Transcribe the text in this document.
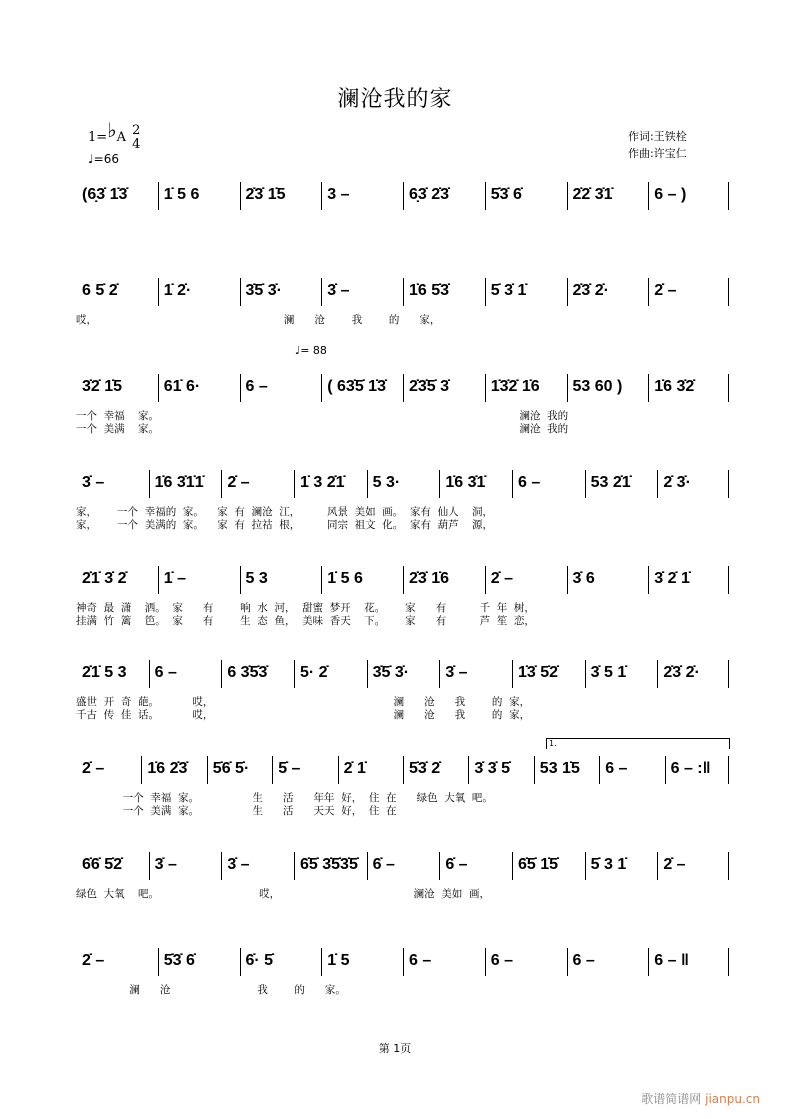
澜沧我的家
1=♭A 2
4
♩=66
作词:王铁栓
作曲:许宝仁
♩= 88
1.
(6̣3̇ 1̇3̇	1̇ 5 6	2̇3̇ 1̇5	3 –	6̣3̇ 2̇3̇	5̇3̇ 6̇	2̇2̇ 3̇1̇	6 – )
6 5̇ 2̇	1̇ 2̇·	3̇5̇ 3̇·	3̇ –	1̇6 5̇3̇	5̇ 3̇ 1̇	2̇3̇ 2̇·	2̇ –
哎，                                                        澜      沧        我        的      家，
3̇2̇ 1̇5	61̇ 6·	6 –	( 63̇5̇ 1̇3̇	2̇3̇5̇ 3̇	1̇3̇2̇ 1̇6	53 60 )	1̇6 3̇2̇
一个  幸福    家。                                                                                                            澜沧  我的
一个  美满    家。                                                                                                            澜沧  我的
3̇ –	1̇6 3̇1̇1̇	2̇ –	1̇ 3 2̇1̇	5 3·	1̇6 3̇1̇	6 –	53 2̇1̇	2̇ 3̇·
家，      一个  幸福的  家。    家  有  澜沧  江，        风景  美如  画。  家有  仙人    洞，
家，      一个  美满的  家。    家  有  拉祜  根，        同宗  祖文  化。  家有  葫芦    源，
2̇1̇ 3̇ 2̇	1̇ –	5 3	1̇ 5 6	2̇3̇ 1̇6	2̇ –	3̇ 6	3̇ 2̇ 1̇
神奇  最  潇    洒。  家      有        响  水  河，  甜蜜  梦开    花。      家      有          千  年  树，
挂满  竹  篱    笆。  家      有        生  态  鱼，  美味  香天    下。      家      有          芦  笙  恋，
2̇1̇ 5 3	6 –	6 3̇5̇3̇	5· 2̇	3̇5̇ 3̇·	3̇ –	1̇3̇ 5̇2̇	3̇ 5 1̇	2̇3̇ 2̇·
盛世  开  奇  葩。          哎，                                                      澜      沧      我        的  家，
千古  传  佳  话。          哎，                                                      澜      沧      我        的  家，
2̇ –	1̇6 2̇3̇	5̇6̇ 5̇·	5̇ –	2̇ 1̇	5̇3̇ 2̇	3̇ 3̇ 5̇	53 1̇5	6 –	6 – :‖
一个  幸福  家。                生      活      年年  好，  住  在      绿色  大氧  吧。
一个  美满  家。                生      活      天天  好，  住  在
6̇6̇ 5̇2̇	3̇ –	3̇ –	6̇5̇ 3̇5̇3̇5̇ 6̇ –	6̇ –	6̇5̇ 1̇5̇	5̇ 3 1̇	2̇ –
绿色  大氧    吧。                              哎，                                        澜沧  美如  画，
2̇ –	5̇3̇ 6̇	6̇· 5̇	1̇ 5	6 –	6 –	6 –	6 – ‖
澜      沧                          我        的      家。
第 1页
歌谱简谱网 jianpu.cn
